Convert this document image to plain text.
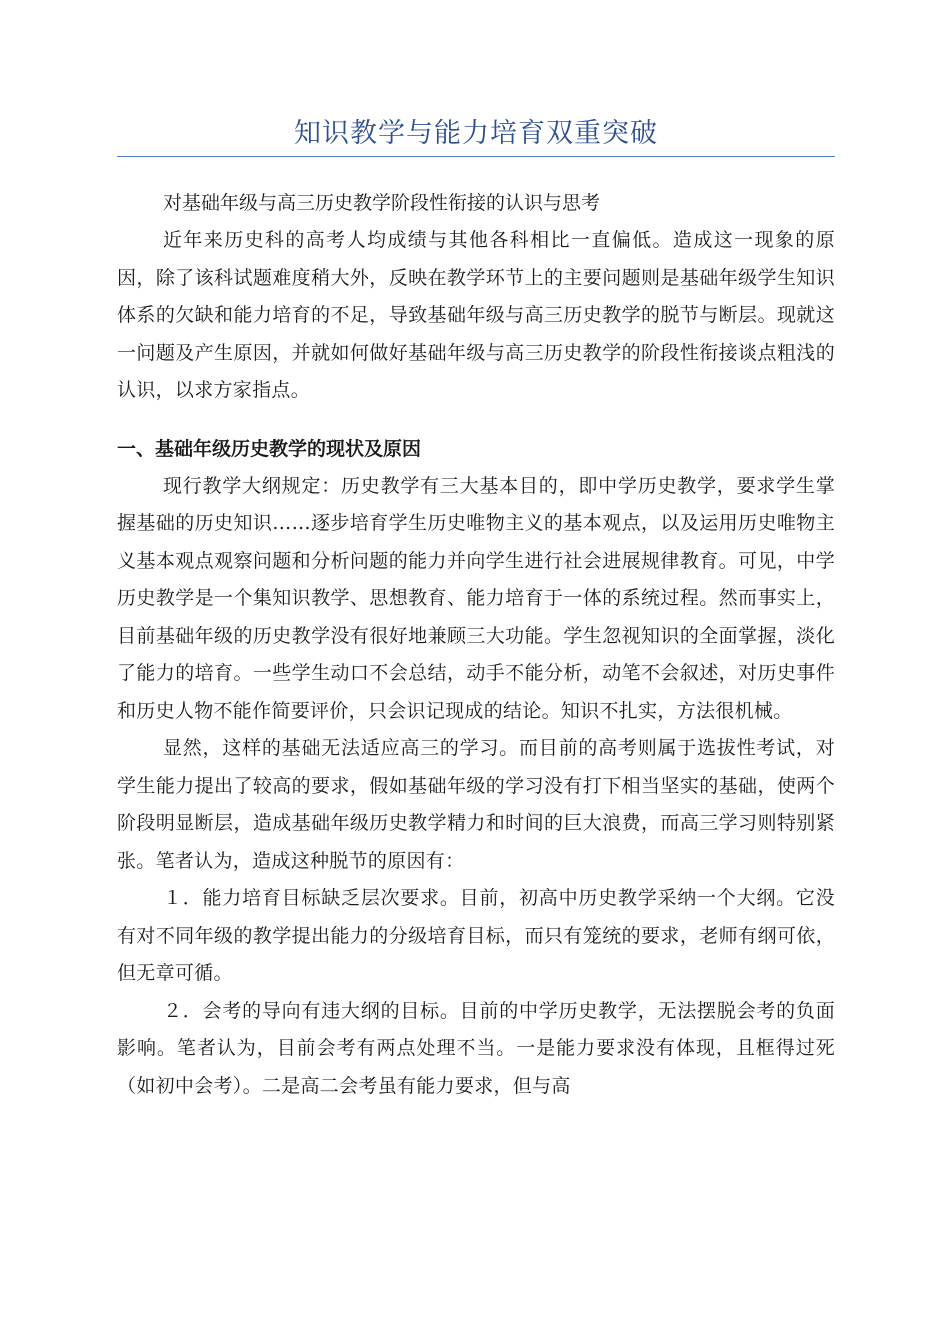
知识教学与能力培育双重突破

对基础年级与高三历史教学阶段性衔接的认识与思考

近年来历史科的高考人均成绩与其他各科相比一直偏低。造成这一现象的原因，除了该科试题难度稍大外，反映在教学环节上的主要问题则是基础年级学生知识体系的欠缺和能力培育的不足，导致基础年级与高三历史教学的脱节与断层。现就这一问题及产生原因，并就如何做好基础年级与高三历史教学的阶段性衔接谈点粗浅的认识，以求方家指点。

一、基础年级历史教学的现状及原因

现行教学大纲规定：历史教学有三大基本目的，即中学历史教学，要求学生掌握基础的历史知识……逐步培育学生历史唯物主义的基本观点，以及运用历史唯物主义基本观点观察问题和分析问题的能力并向学生进行社会进展规律教育。可见，中学历史教学是一个集知识教学、思想教育、能力培育于一体的系统过程。然而事实上，目前基础年级的历史教学没有很好地兼顾三大功能。学生忽视知识的全面掌握，淡化了能力的培育。一些学生动口不会总结，动手不能分析，动笔不会叙述，对历史事件和历史人物不能作简要评价，只会识记现成的结论。知识不扎实，方法很机械。

显然，这样的基础无法适应高三的学习。而目前的高考则属于选拔性考试，对学生能力提出了较高的要求，假如基础年级的学习没有打下相当坚实的基础，使两个阶段明显断层，造成基础年级历史教学精力和时间的巨大浪费，而高三学习则特别紧张。笔者认为，造成这种脱节的原因有：

１．能力培育目标缺乏层次要求。目前，初高中历史教学采纳一个大纲。它没有对不同年级的教学提出能力的分级培育目标，而只有笼统的要求，老师有纲可依，但无章可循。

２．会考的导向有违大纲的目标。目前的中学历史教学，无法摆脱会考的负面影响。笔者认为，目前会考有两点处理不当。一是能力要求没有体现，且框得过死（如初中会考）。二是高二会考虽有能力要求，但与高
